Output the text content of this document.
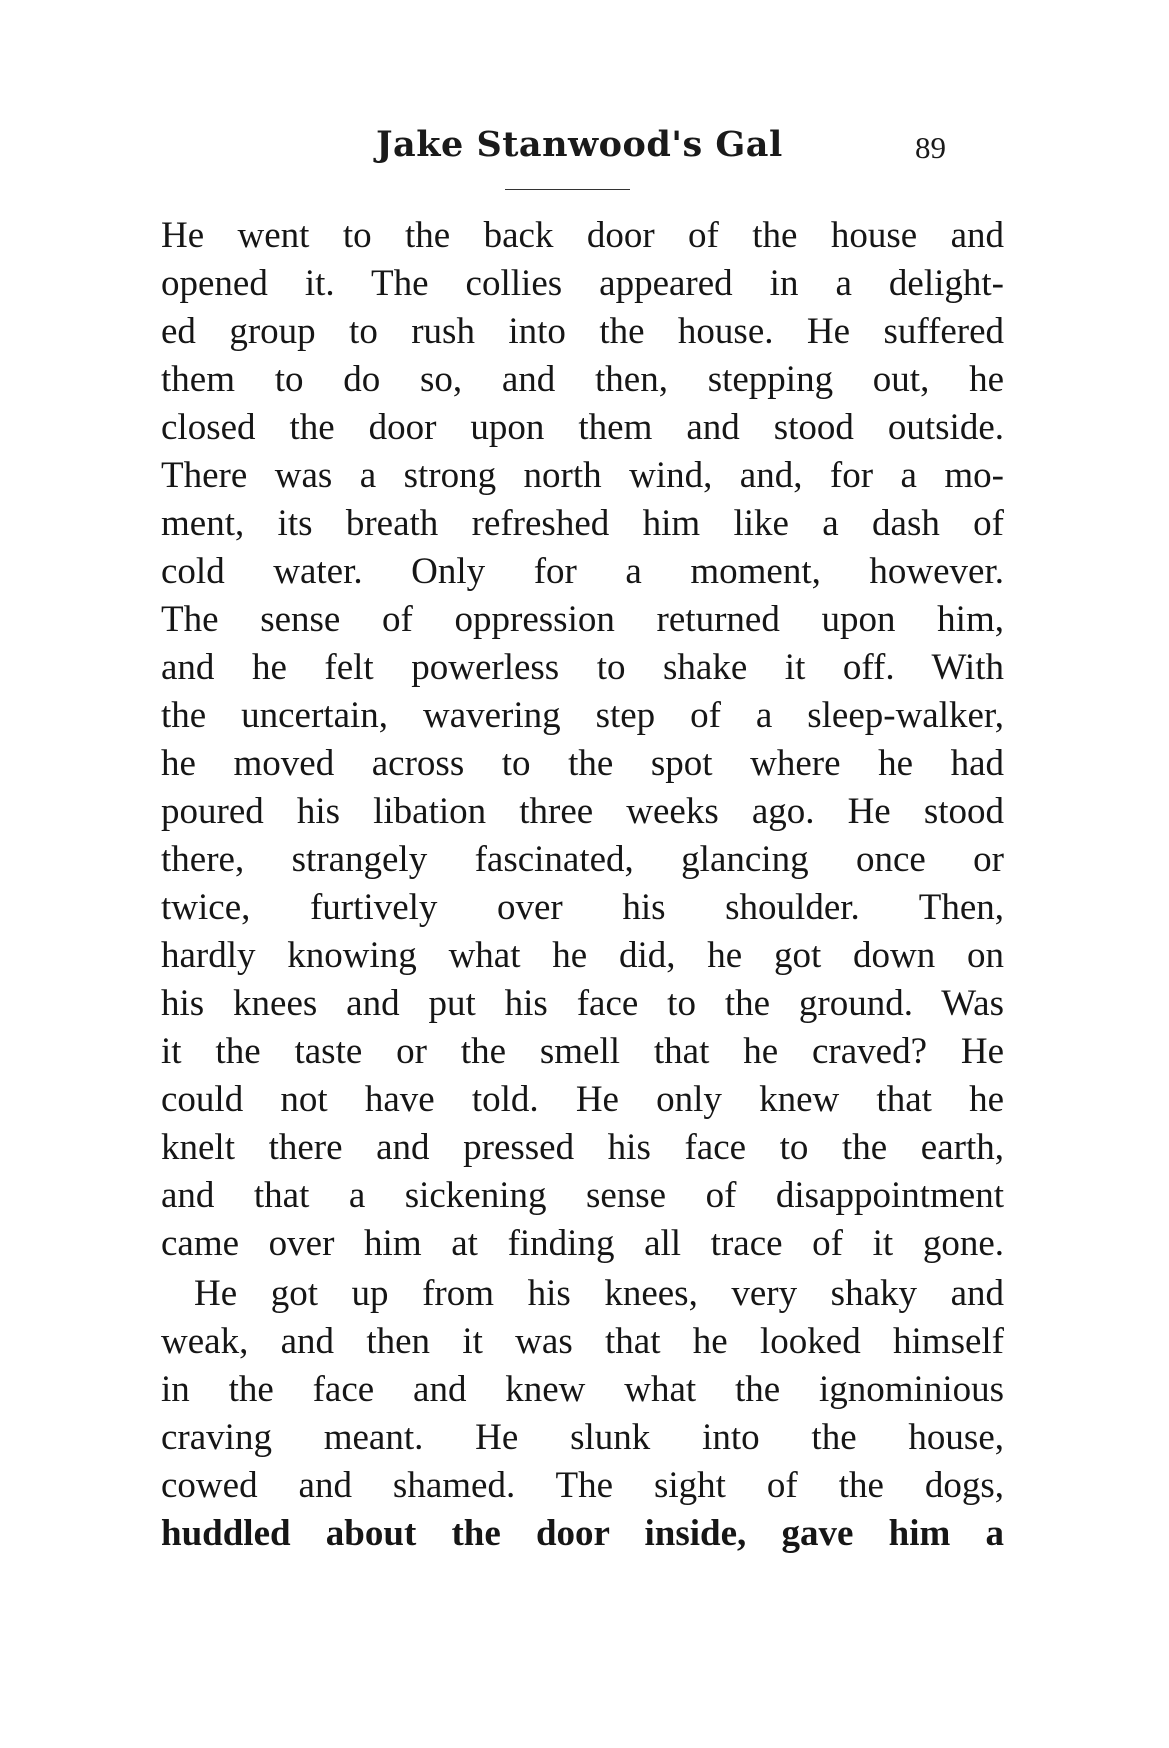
Jake Stanwood's Gal	89
He went to the back door of the house and
opened it. The collies appeared in a delight-
ed group to rush into the house. He suffered
them to do so, and then, stepping out, he
closed the door upon them and stood outside.
There was a strong north wind, and, for a mo-
ment, its breath refreshed him like a dash of
cold water. Only for a moment, however.
The sense of oppression returned upon him,
and he felt powerless to shake it off. With
the uncertain, wavering step of a sleep-walker,
he moved across to the spot where he had
poured his libation three weeks ago. He stood
there, strangely fascinated, glancing once or
twice, furtively over his shoulder. Then,
hardly knowing what he did, he got down on
his knees and put his face to the ground. Was
it the taste or the smell that he craved? He
could not have told. He only knew that he
knelt there and pressed his face to the earth,
and that a sickening sense of disappointment
came over him at finding all trace of it gone.
He got up from his knees, very shaky and
weak, and then it was that he looked himself
in the face and knew what the ignominious
craving meant. He slunk into the house,
cowed and shamed. The sight of the dogs,
huddled about the door inside, gave him a
